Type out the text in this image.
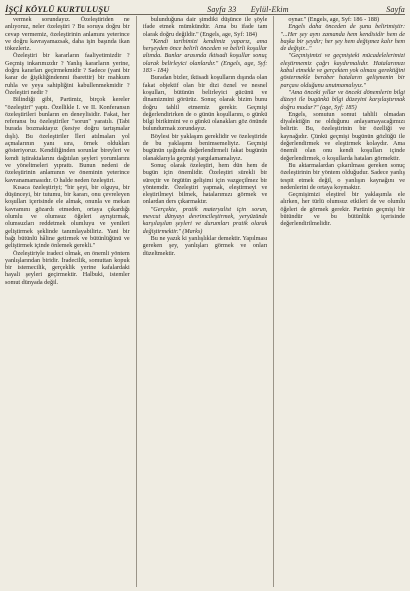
İŞÇİ KÖYLÜ KURTULUŞU	Sayfa 33 Eylül-Ekim	Sayfa

vermek sorundayız. Özeleştiriden ne anlıyoruz, neler özeleştiri ? Bu soruya doğru bir cevap vermemiz, özeleştirinin anlamını yeterince ve doğru kavrayamazsak, daha işin başında ikan tökezleriz.

Özeleştiri bir kararların faaliyetimizdir ? Geçmiş inkarımızdır ? Yanlış kararların yerine, doğru kararları geçirmekmidir ? Sadece (yani bir karar de ğişikliğindenmi ibarettir) bir mahkum ruhla ve yeya sahipliğini kabullenmekmidir ? Özeleştiri nedir ?

Bilindiği gibi, Partimiz, birçok kereler "özeleştiri" yaptı. Özellikle I. ve II. Konferansın özeleştirileri bunların en deneylisidir. Fakat, her referansı bu özeleştiriler "sorun" yaratılı. (Tabi burada bozmaktayız (kesiye doğru tartışmalar dışlı). Bu özeleştiriler İleri atılmaları yol açmalarının yanı sıra, örnek oldukları gösteriyoruz. Kendiliğinden sorunlar bireyleri ve kendi iştiraktalarını dağıtılan şeyleri yorumlarını ve yöneltmeleri yıprattı. Bunun nedeni de özeleştirinin anlamının ve öneminin yeterince kavranamamasıdır. O halde neden özeleştiri.

Kısaca özeleştiriyi; "bir şeyi, bir olguyu, bir düşünceyi, bir tutumu, bir kararı, onu çevreleyen koşulları içerisinde ele almak, onunla ve mekan kavramını gözardı etmeden, ortaya çıkardığı olumlu ve olumsuz öğeleri ayrıştırmak, olumsuzları reddetmek olumluyu ve yenileri geliştirmek şeklinde tanımlayabiliriz. Yani bir bağı bütünlü hâline getirmek ve bütünlüğünü ve geliştirmek içinde önlemek gerekli."

Özeleştiriyle iradeci olmak, en önemli yöntem yanlışlarından biridir. İradecilik, somuttan kopuk bir istemecilik, gerçeklik yerine kafalardaki hayali şeyleri geçirmektir. Halbuki, istemler somut dünyada değil.

bulunduğuna dair şimdiki düşünce ile şöyle ifade etmek mümkündür. Ama bu ifade tam olarak doğru değildir." (Engels, age, Syf: 184)

"Kendi tarihimizi kendimiz yaparız, ama herşeyden önce belirli önceden ve belirli koşullar altında. Bunlar arasında iktisadi koşullar sonuç olarak belirleyici olanlardır." (Engels, age, Syf: 183 - 184)

Buradan bizler, iktisadi koşulların dışında olan fakat objektif olan bir dizi öznel ve nesnel koşulları, bütünün belirleyici gücünü ve dinamizmini görürüz. Sonuç olarak bizim bunu doğru tahlil etmemiz gerekir. Geçmişi değerlendirirken de o günün koşullarını, o günkü bilgi birikimini ve o günkü olanakları göz önünde bulundurmak zorundayız.

Böylesi bir yaklaşım gereklidir ve özeleştiride de bu yaklaşımı benimsemeliyiz. Geçmişi bugünün ışığında değerlendirmeli fakat bugünün olanaklarıyla geçmişi yargılamamalıyız.

Sonuç olarak özeleştiri, hem dün hem de bugün için önemlidir. Özeleştiri sürekli bir süreçtir ve örgütün gelişimi için vazgeçilmez bir yöntemdir. Özeleştiri yapmak, eleştirmeyi ve eleştirilmeyi bilmek, hatalarımızı görmek ve onlardan ders çıkarmaktır.

"Gerçekte, pratik materyalist için sorun, mevcut dünyayı devrimcileştirmek, yeryüzünde karşılaşılan şeyleri ve durumları pratik olarak değiştirmektir." (Marks)

Bu ne yazık ki yanlışlıklar demektir. Yapılması gereken şey, yanlışları görmek ve onları düzeltmektir.

oynar." (Engels, age, Syf: 186 - 188)

Engels daha önceden de şunu belirtmiştir: "...Her şey aynı zamanda hem kendisidir hem de başka bir şeydir; her şey hem değişmez kalır hem de değişir..."

"Geçmişimizi ve geçmişteki mücadelelerimizi eleştirmemiz çağrı kaydırmalıdır. Hatalarımızı kabul etmekle ve gerçekten yok olması gerektiğini göstermekle beraber hataların gelişmenin bir parçası olduğunu unutmamalıyız."

"Ama önceki yıllar ve önceki dönemlerin bilgi düzeyi ile bugünkü bilgi düzeyini karşılaştırmak doğru mudur?" (age, Syf: 185)

Engels, somutun somut tahlili olmadan diyalektiğin ne olduğunu anlayamayacağımızı belirtir. Bu, özeleştirinin bir özelliği ve kaynağıdır. Çünkü geçmişi bugünün gözlüğü ile değerlendirmek ve eleştirmek kolaydır. Ama önemli olan onu kendi koşulları içinde değerlendirmek, o koşullarda hataları görmektir.

Bu aktarmalardan çıkarılması gereken sonuç özeleştirinin bir yöntem olduğudur. Sadece yanlış tespit etmek değil, o yanlışın kaynağını ve nedenlerini de ortaya koymaktır.

Geçmişimizi eleştirel bir yaklaşımla ele alırken, her türlü olumsuz etkileri de ve olumlu öğeleri de görmek gerekir. Partinin geçmişi bir bütündür ve bu bütünlük içerisinde değerlendirilmelidir.
